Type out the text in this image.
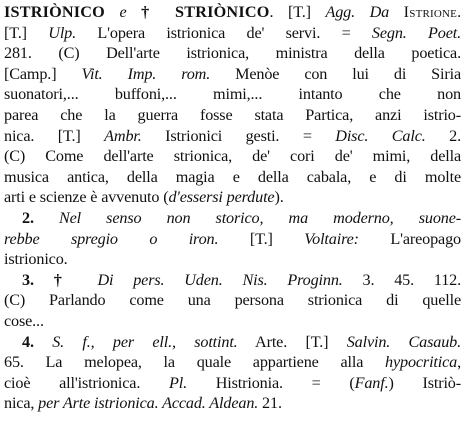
ISTRIÒNICO e † STRIÒNICO. [T.] Agg. Da Istrione.
[T.] Ulp. L'opera istrionica de' servi. = Segn. Poet.
281. (C) Dell'arte istrionica, ministra della poetica.
[Camp.] Vit. Imp. rom. Menòe con lui di Siria
suonatori,... buffoni,... mimi,... intanto che non
parea che la guerra fosse stata Partica, anzi istrio-
nica. [T.] Ambr. Istrionici gesti. = Disc. Calc. 2.
(C) Come dell'arte strionica, de' cori de' mimi, della
musica antica, della magia e della cabala, e di molte
arti e scienze è avvenuto (d'essersi perdute).
2. Nel senso non storico, ma moderno, suone-
rebbe spregio o iron. [T.] Voltaire: L'areopago
istrionico.
3. † Di pers. Uden. Nis. Proginn. 3. 45. 112.
(C) Parlando come una persona strionica di quelle
cose...
4. S. f., per ell., sottint. Arte. [T.] Salvin. Casaub.
65. La melopea, la quale appartiene alla hypocritica,
cioè all'istrionica. Pl. Histrionia. = (Fanf.) Istriò-
nica, per Arte istrionica. Accad. Aldean. 21.
